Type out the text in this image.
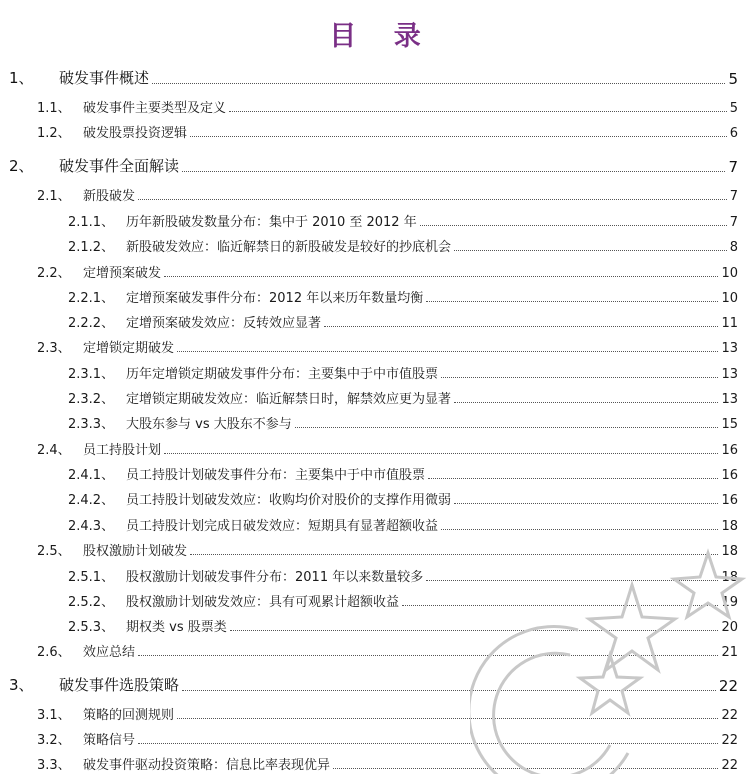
目 录
1、	破发事件概述	5
1.1、 破发事件主要类型及定义	5
1.2、 破发股票投资逻辑	6
2、	破发事件全面解读	7
2.1、 新股破发	7
2.1.1、 历年新股破发数量分布：集中于 2010 至 2012 年	7
2.1.2、 新股破发效应：临近解禁日的新股破发是较好的抄底机会	8
2.2、 定增预案破发	10
2.2.1、 定增预案破发事件分布：2012 年以来历年数量均衡	10
2.2.2、 定增预案破发效应：反转效应显著	11
2.3、 定增锁定期破发	13
2.3.1、 历年定增锁定期破发事件分布：主要集中于中市值股票	13
2.3.2、 定增锁定期破发效应：临近解禁日时，解禁效应更为显著	13
2.3.3、 大股东参与 vs 大股东不参与	15
2.4、 员工持股计划	16
2.4.1、 员工持股计划破发事件分布：主要集中于中市值股票	16
2.4.2、 员工持股计划破发效应：收购均价对股价的支撑作用微弱	16
2.4.3、 员工持股计划完成日破发效应：短期具有显著超额收益	18
2.5、 股权激励计划破发	18
2.5.1、 股权激励计划破发事件分布：2011 年以来数量较多	18
2.5.2、 股权激励计划破发效应：具有可观累计超额收益	19
2.5.3、 期权类 vs 股票类	20
2.6、 效应总结	21
3、	破发事件选股策略	22
3.1、 策略的回测规则	22
3.2、 策略信号	22
3.3、 破发事件驱动投资策略：信息比率表现优异	22
